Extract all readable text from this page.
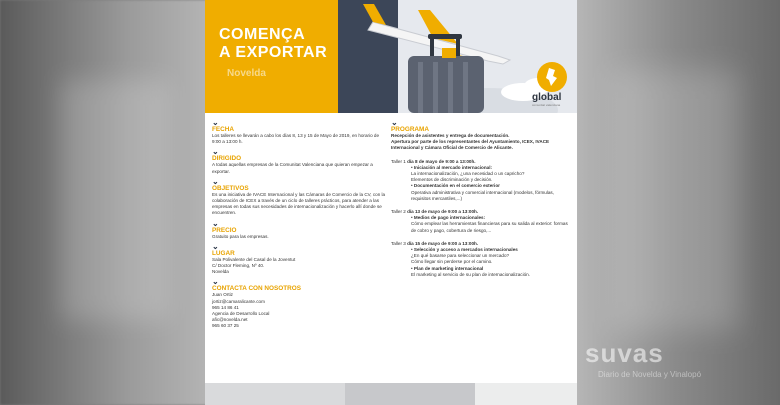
suvas
Diario de Novelda y Vinalopó
COMENÇA
A EXPORTAR
Novelda
global
comunitat valenciana
⌄
FECHA
Los talleres se llevarán a cabo los días 8, 13 y 15 de Mayo de 2019, en horario de 9:00 a 13:00 h.
⌄
DIRIGIDO
A todas aquellas empresas de la Comunitat Valenciana que quieran empezar a exportar.
⌄
OBJETIVOS
Es una iniciativa de IVACE Internacional y las Cámaras de Comercio de la CV, con la colaboración de ICEX a través de un ciclo de talleres prácticos, para atender a las empresas en todas sus necesidades de internacionalización y hacerlo allí donde se encuentren.
⌄
PRECIO
Gratuito para las empresas.
⌄
LUGAR
Sala Polivalente del Casal de la Joventut
C/ Doctor Fleming, Nº 40.
Novelda
⌄
CONTACTA CON NOSOTROS
Juan Ortiz
jortiz@camaralicante.com
965 14 86 41
Agencia de Desarrollo Local
afic@novelda.net
965 60 37 25
⌄
PROGRAMA
Recepción de asistentes y entrega de documentación.
Apertura por parte de los representantes del Ayuntamiento, ICEX, IVACE Internacional y Cámara Oficial de Comercio de Alicante.
Taller 1 día 8 de mayo de 9:00 a 13:00h.
• Iniciación al mercado internacional:
La internacionalización, ¿una necesidad o un capricho?
Elementos de discriminación y decisión.
• Documentación en el comercio exterior
Operativa administrativa y comercial internacional (modelos, fórmulas, requisitos mercantiles,...)
Taller 2 día 13 de mayo de 9:00 a 13:00h.
• Medios de pago internacionales:
Cómo emplear las herramientas financieras para su salida al exterior: formas de cobro y pago, cobertura de riesgo,...
Taller 3 día 15 de mayo de 9:00 a 13:00h.
• Selección y acceso a mercados internacionales
¿En qué basarse para seleccionar un mercado?
Cómo llegar sin perderse por el camino.
• Plan de marketing internacional
El marketing al servicio de su plan de internacionalización.
